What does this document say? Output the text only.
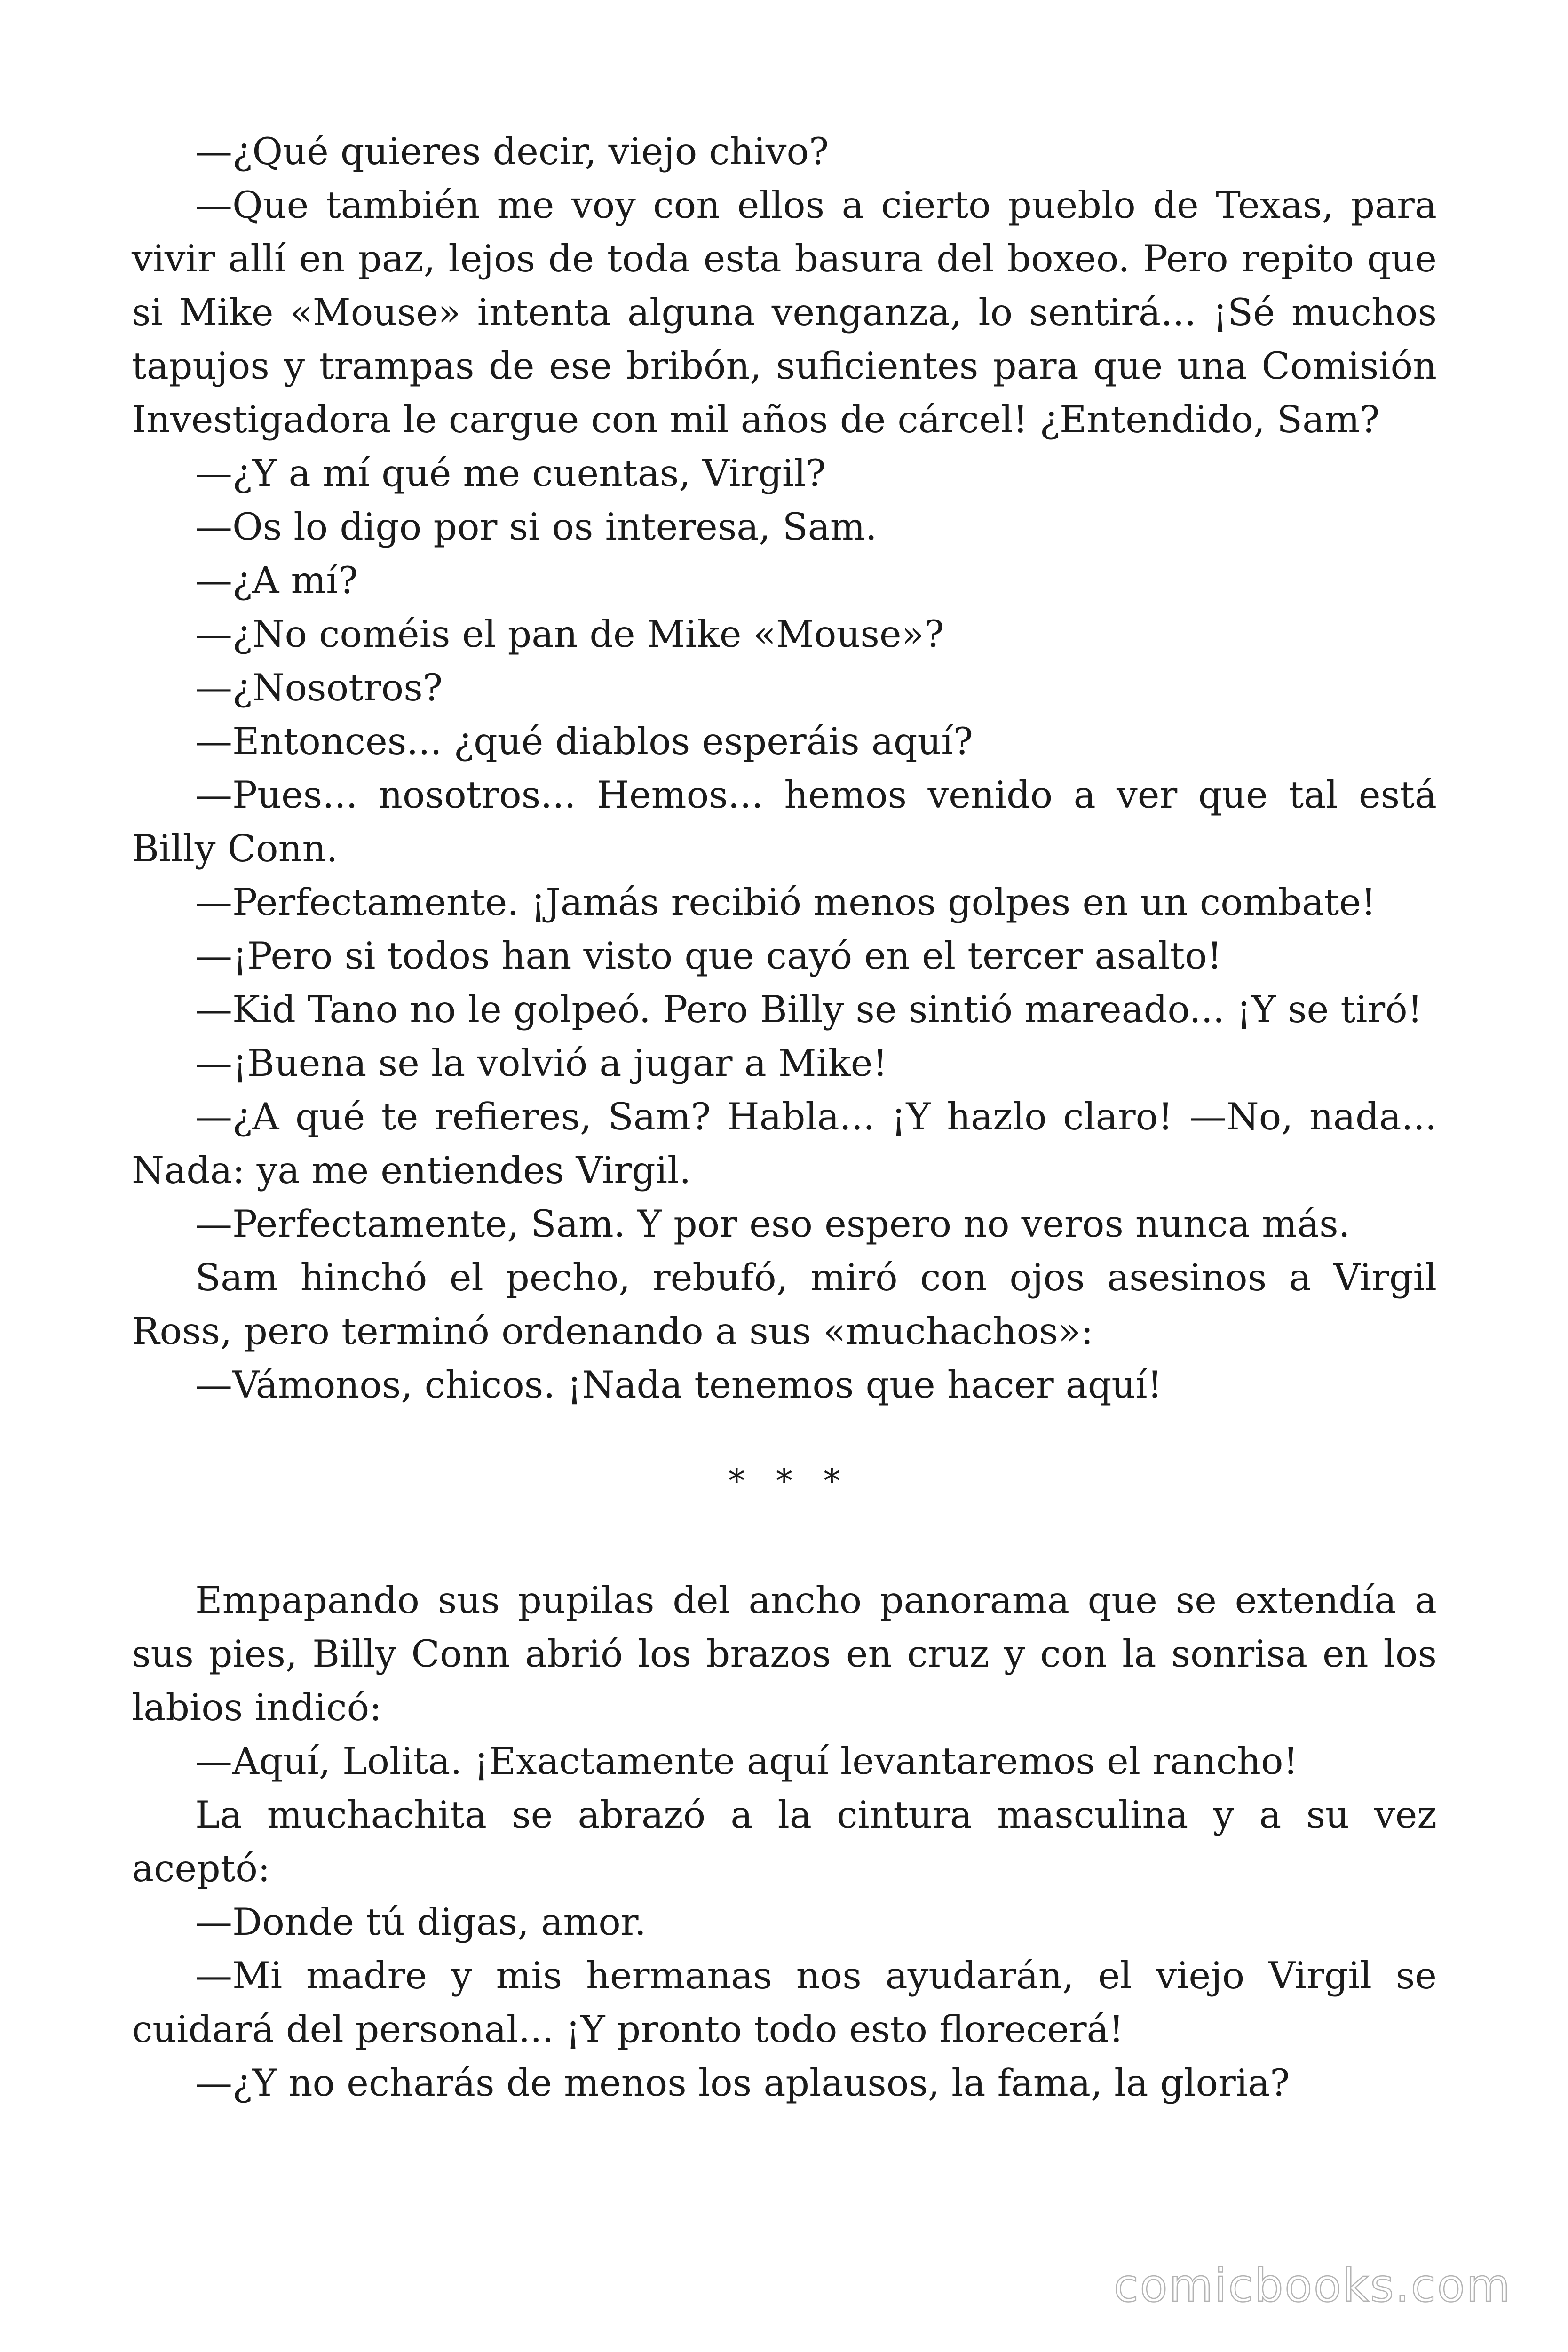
—¿Qué quieres decir, viejo chivo?

—Que también me voy con ellos a cierto pueblo de Texas, para vivir allí en paz, lejos de toda esta basura del boxeo. Pero repito que si Mike «Mouse» intenta alguna venganza, lo sentirá... ¡Sé muchos tapujos y trampas de ese bribón, suficientes para que una Comisión Investigadora le cargue con mil años de cárcel! ¿Entendido, Sam?

—¿Y a mí qué me cuentas, Virgil?

—Os lo digo por si os interesa, Sam.

—¿A mí?

—¿No coméis el pan de Mike «Mouse»?

—¿Nosotros?

—Entonces... ¿qué diablos esperáis aquí?

—Pues... nosotros... Hemos... hemos venido a ver que tal está Billy Conn.

—Perfectamente. ¡Jamás recibió menos golpes en un combate!

—¡Pero si todos han visto que cayó en el tercer asalto!

—Kid Tano no le golpeó. Pero Billy se sintió mareado... ¡Y se tiró!

—¡Buena se la volvió a jugar a Mike!

—¿A qué te refieres, Sam? Habla... ¡Y hazlo claro! —No, nada... Nada: ya me entiendes Virgil.

—Perfectamente, Sam. Y por eso espero no veros nunca más.

Sam hinchó el pecho, rebufó, miró con ojos asesinos a Virgil Ross, pero terminó ordenando a sus «muchachos»:

—Vámonos, chicos. ¡Nada tenemos que hacer aquí!

* * *

Empapando sus pupilas del ancho panorama que se extendía a sus pies, Billy Conn abrió los brazos en cruz y con la sonrisa en los labios indicó:

—Aquí, Lolita. ¡Exactamente aquí levantaremos el rancho!

La muchachita se abrazó a la cintura masculina y a su vez aceptó:

—Donde tú digas, amor.

—Mi madre y mis hermanas nos ayudarán, el viejo Virgil se cuidará del personal... ¡Y pronto todo esto florecerá!

—¿Y no echarás de menos los aplausos, la fama, la gloria?

comicbooks.com
